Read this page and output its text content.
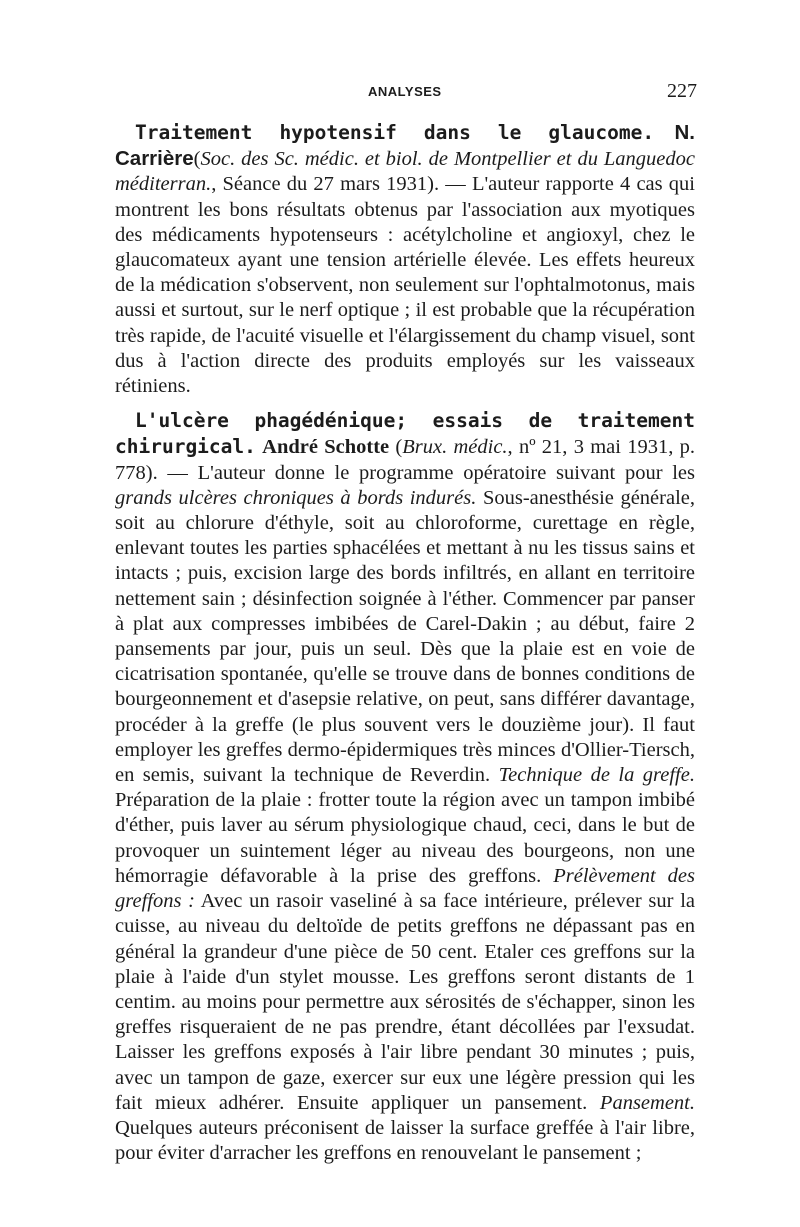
ANALYSES	227

Traitement hypotensif dans le glaucome. N. Carrière(Soc. des Sc. médic. et biol. de Montpellier et du Languedoc méditerran., Séance du 27 mars 1931). — L'auteur rapporte 4 cas qui montrent les bons résultats obtenus par l'association aux myotiques des médicaments hypotenseurs : acétylcholine et angioxyl, chez le glaucomateux ayant une tension artérielle élevée. Les effets heureux de la médication s'observent, non seulement sur l'ophtalmotonus, mais aussi et surtout, sur le nerf optique ; il est probable que la récupération très rapide, de l'acuité visuelle et l'élargissement du champ visuel, sont dus à l'action directe des produits employés sur les vaisseaux rétiniens.

L'ulcère phagédénique; essais de traitement chirurgical. André Schotte (Brux. médic., nº 21, 3 mai 1931, p. 778). — L'auteur donne le programme opératoire suivant pour les grands ulcères chroniques à bords indurés. Sous-anesthésie générale, soit au chlorure d'éthyle, soit au chloroforme, curettage en règle, enlevant toutes les parties sphacélées et mettant à nu les tissus sains et intacts ; puis, excision large des bords infiltrés, en allant en territoire nettement sain ; désinfection soignée à l'éther. Commencer par panser à plat aux compresses imbibées de Carel-Dakin ; au début, faire 2 pansements par jour, puis un seul. Dès que la plaie est en voie de cicatrisation spontanée, qu'elle se trouve dans de bonnes conditions de bourgeonnement et d'asepsie relative, on peut, sans différer davantage, procéder à la greffe (le plus souvent vers le douzième jour). Il faut employer les greffes dermo-épidermiques très minces d'Ollier-Tiersch, en semis, suivant la technique de Reverdin. Technique de la greffe. Préparation de la plaie : frotter toute la région avec un tampon imbibé d'éther, puis laver au sérum physiologique chaud, ceci, dans le but de provoquer un suintement léger au niveau des bourgeons, non une hémorragie défavorable à la prise des greffons. Prélèvement des greffons : Avec un rasoir vaseliné à sa face intérieure, prélever sur la cuisse, au niveau du deltoïde de petits greffons ne dépassant pas en général la grandeur d'une pièce de 50 cent. Etaler ces greffons sur la plaie à l'aide d'un stylet mousse. Les greffons seront distants de 1 centim. au moins pour permettre aux sérosités de s'échapper, sinon les greffes risqueraient de ne pas prendre, étant décollées par l'exsudat. Laisser les greffons exposés à l'air libre pendant 30 minutes ; puis, avec un tampon de gaze, exercer sur eux une légère pression qui les fait mieux adhérer. Ensuite appliquer un pansement. Pansement. Quelques auteurs préconisent de laisser la surface greffée à l'air libre, pour éviter d'arracher les greffons en renouvelant le pansement ;
